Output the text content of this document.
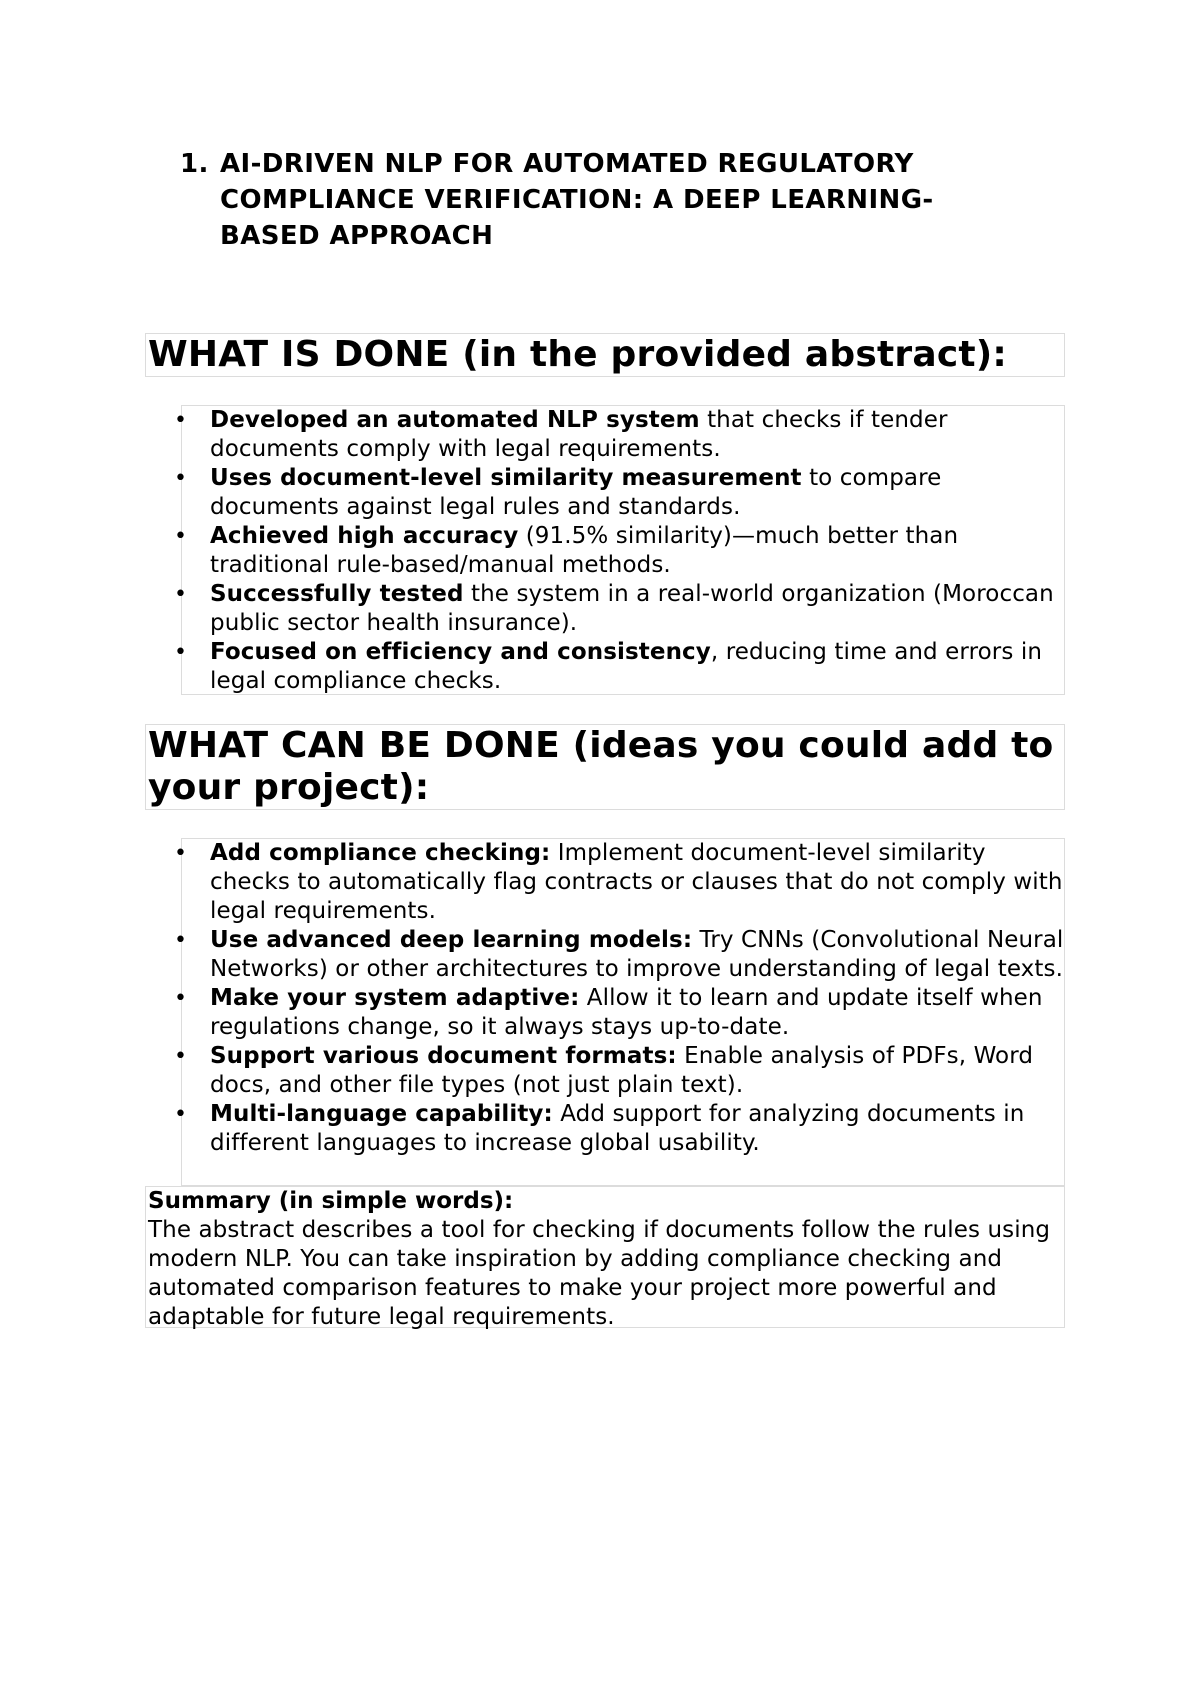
1. AI-DRIVEN NLP FOR AUTOMATED REGULATORY COMPLIANCE VERIFICATION: A DEEP LEARNING-BASED APPROACH
WHAT IS DONE (in the provided abstract):
• Developed an automated NLP system that checks if tender documents comply with legal requirements.
• Uses document-level similarity measurement to compare documents against legal rules and standards.
• Achieved high accuracy (91.5% similarity)—much better than traditional rule-based/manual methods.
• Successfully tested the system in a real-world organization (Moroccan public sector health insurance).
• Focused on efficiency and consistency, reducing time and errors in legal compliance checks.
WHAT CAN BE DONE (ideas you could add to your project):
• Add compliance checking: Implement document-level similarity checks to automatically flag contracts or clauses that do not comply with legal requirements.
• Use advanced deep learning models: Try CNNs (Convolutional Neural Networks) or other architectures to improve understanding of legal texts.
• Make your system adaptive: Allow it to learn and update itself when regulations change, so it always stays up-to-date.
• Support various document formats: Enable analysis of PDFs, Word docs, and other file types (not just plain text).
• Multi-language capability: Add support for analyzing documents in different languages to increase global usability.
Summary (in simple words):
The abstract describes a tool for checking if documents follow the rules using modern NLP. You can take inspiration by adding compliance checking and automated comparison features to make your project more powerful and adaptable for future legal requirements.
